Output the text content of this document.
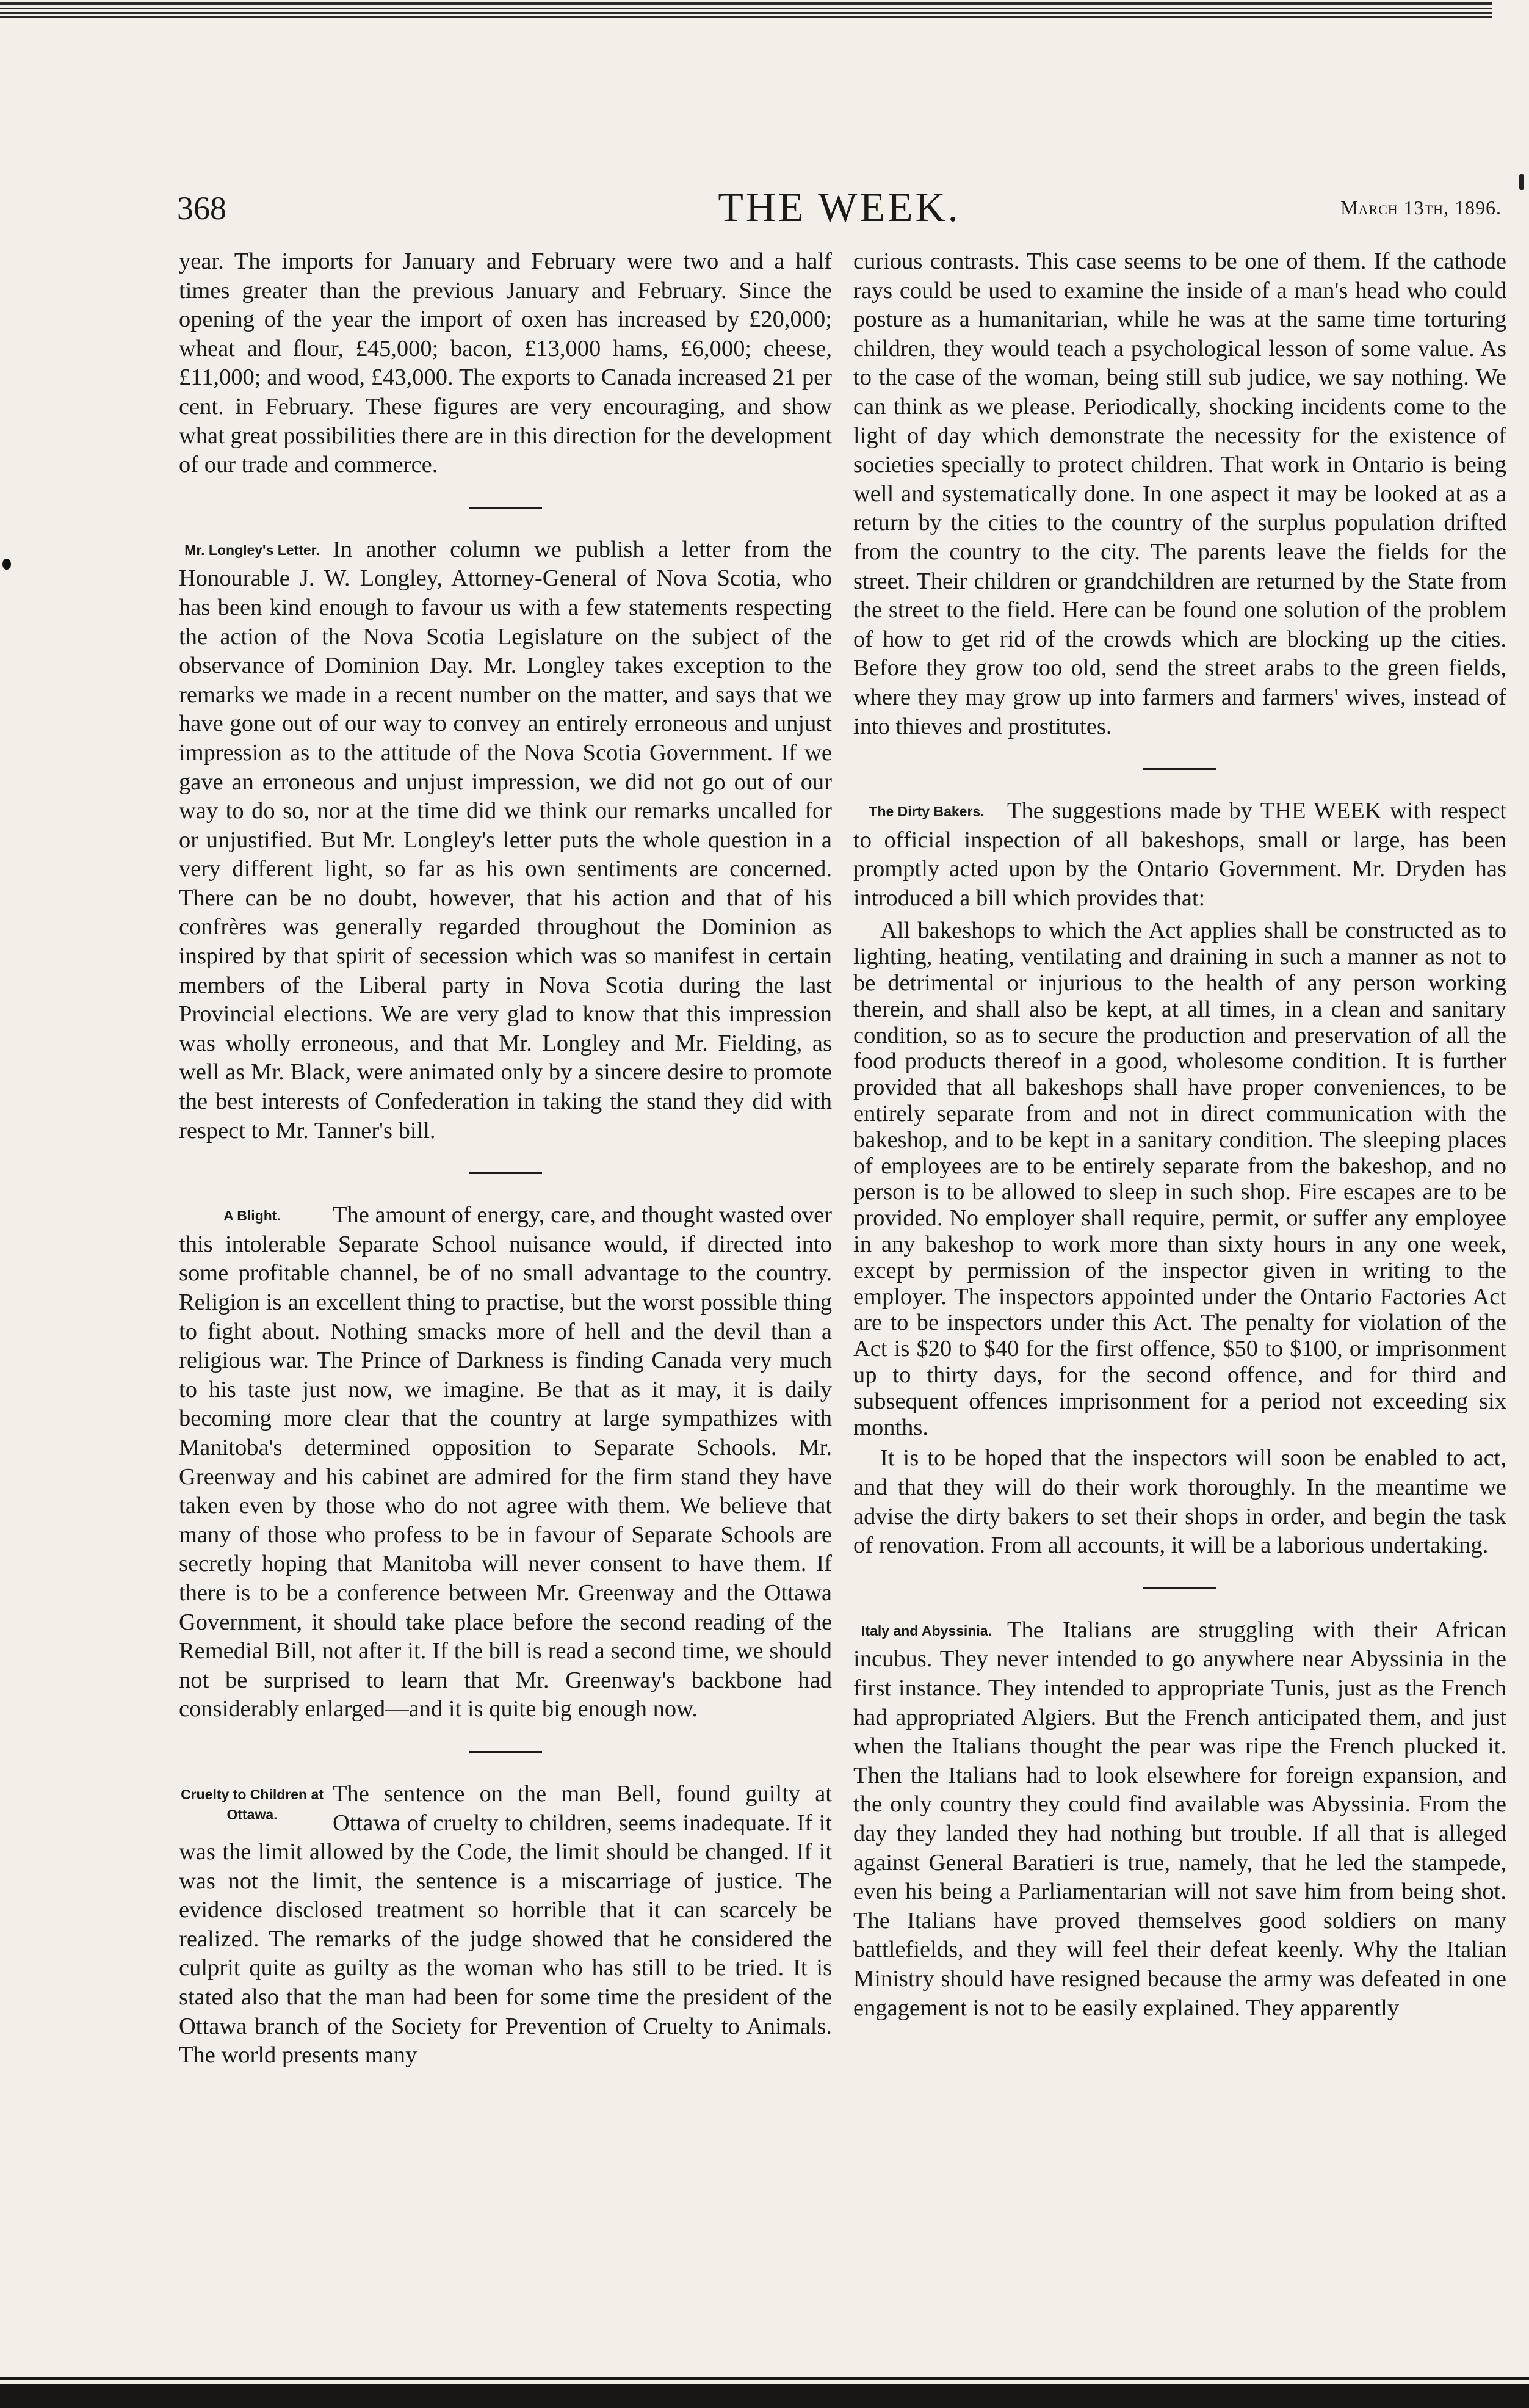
368	THE WEEK.	March 13th, 1896.

year. The imports for January and February were two and a half times greater than the previous January and February. Since the opening of the year the import of oxen has increased by £20,000; wheat and flour, £45,000; bacon, £13,000 hams, £6,000; cheese, £11,000; and wood, £43,000. The exports to Canada increased 21 per cent. in February. These figures are very encouraging, and show what great possibilities there are in this direction for the development of our trade and commerce.

Mr. Longley's Letter. In another column we publish a letter from the Honourable J. W. Longley, Attorney-General of Nova Scotia, who has been kind enough to favour us with a few statements respecting the action of the Nova Scotia Legislature on the subject of the observance of Dominion Day. Mr. Longley takes exception to the remarks we made in a recent number on the matter, and says that we have gone out of our way to convey an entirely erroneous and unjust impression as to the attitude of the Nova Scotia Government. If we gave an erroneous and unjust impression, we did not go out of our way to do so, nor at the time did we think our remarks uncalled for or unjustified. But Mr. Longley's letter puts the whole question in a very different light, so far as his own sentiments are concerned. There can be no doubt, however, that his action and that of his confrères was generally regarded throughout the Dominion as inspired by that spirit of secession which was so manifest in certain members of the Liberal party in Nova Scotia during the last Provincial elections. We are very glad to know that this impression was wholly erroneous, and that Mr. Longley and Mr. Fielding, as well as Mr. Black, were animated only by a sincere desire to promote the best interests of Confederation in taking the stand they did with respect to Mr. Tanner's bill.

A Blight.	The amount of energy, care, and thought wasted over this intolerable Separate School nuisance would, if directed into some profitable channel, be of no small advantage to the country. Religion is an excellent thing to practise, but the worst possible thing to fight about. Nothing smacks more of hell and the devil than a religious war. The Prince of Darkness is finding Canada very much to his taste just now, we imagine. Be that as it may, it is daily becoming more clear that the country at large sympathizes with Manitoba's determined opposition to Separate Schools. Mr. Greenway and his cabinet are admired for the firm stand they have taken even by those who do not agree with them. We believe that many of those who profess to be in favour of Separate Schools are secretly hoping that Manitoba will never consent to have them. If there is to be a conference between Mr. Greenway and the Ottawa Government, it should take place before the second reading of the Remedial Bill, not after it. If the bill is read a second time, we should not be surprised to learn that Mr. Greenway's backbone had considerably enlarged—and it is quite big enough now.

Cruelty to Children at Ottawa.

The sentence on the man Bell, found guilty at Ottawa of cruelty to children, seems inadequate. If it was the limit allowed by the Code, the limit should be changed. If it was not the limit, the sentence is a miscarriage of justice. The evidence disclosed treatment so horrible that it can scarcely be realized. The remarks of the judge showed that he considered the culprit quite as guilty as the woman who has still to be tried. It is stated also that the man had been for some time the president of the Ottawa branch of the Society for Prevention of Cruelty to Animals. The world presents many

curious contrasts. This case seems to be one of them. If the cathode rays could be used to examine the inside of a man's head who could posture as a humanitarian, while he was at the same time torturing children, they would teach a psychological lesson of some value. As to the case of the woman, being still sub judice, we say nothing. We can think as we please. Periodically, shocking incidents come to the light of day which demonstrate the necessity for the existence of societies specially to protect children. That work in Ontario is being well and systematically done. In one aspect it may be looked at as a return by the cities to the country of the surplus population drifted from the country to the city. The parents leave the fields for the street. Their children or grandchildren are returned by the State from the street to the field. Here can be found one solution of the problem of how to get rid of the crowds which are blocking up the cities. Before they grow too old, send the street arabs to the green fields, where they may grow up into farmers and farmers' wives, instead of into thieves and prostitutes.

The Dirty Bakers. The suggestions made by THE WEEK with respect to official inspection of all bakeshops, small or large, has been promptly acted upon by the Ontario Government. Mr. Dryden has introduced a bill which provides that:

All bakeshops to which the Act applies shall be constructed as to lighting, heating, ventilating and draining in such a manner as not to be detrimental or injurious to the health of any person working therein, and shall also be kept, at all times, in a clean and sanitary condition, so as to secure the production and preservation of all the food products thereof in a good, wholesome condition. It is further provided that all bakeshops shall have proper conveniences, to be entirely separate from and not in direct communication with the bakeshop, and to be kept in a sanitary condition. The sleeping places of employees are to be entirely separate from the bakeshop, and no person is to be allowed to sleep in such shop. Fire escapes are to be provided. No employer shall require, permit, or suffer any employee in any bakeshop to work more than sixty hours in any one week, except by permission of the inspector given in writing to the employer. The inspectors appointed under the Ontario Factories Act are to be inspectors under this Act. The penalty for violation of the Act is $20 to $40 for the first offence, $50 to $100, or imprisonment up to thirty days, for the second offence, and for third and subsequent offences imprisonment for a period not exceeding six months.

It is to be hoped that the inspectors will soon be enabled to act, and that they will do their work thoroughly. In the meantime we advise the dirty bakers to set their shops in order, and begin the task of renovation. From all accounts, it will be a laborious undertaking.

Italy and Abyssinia. The Italians are struggling with their African incubus. They never intended to go anywhere near Abyssinia in the first instance. They intended to appropriate Tunis, just as the French had appropriated Algiers. But the French anticipated them, and just when the Italians thought the pear was ripe the French plucked it. Then the Italians had to look elsewhere for foreign expansion, and the only country they could find available was Abyssinia. From the day they landed they had nothing but trouble. If all that is alleged against General Baratieri is true, namely, that he led the stampede, even his being a Parliamentarian will not save him from being shot. The Italians have proved themselves good soldiers on many battlefields, and they will feel their defeat keenly. Why the Italian Ministry should have resigned because the army was defeated in one engagement is not to be easily explained. They apparently
